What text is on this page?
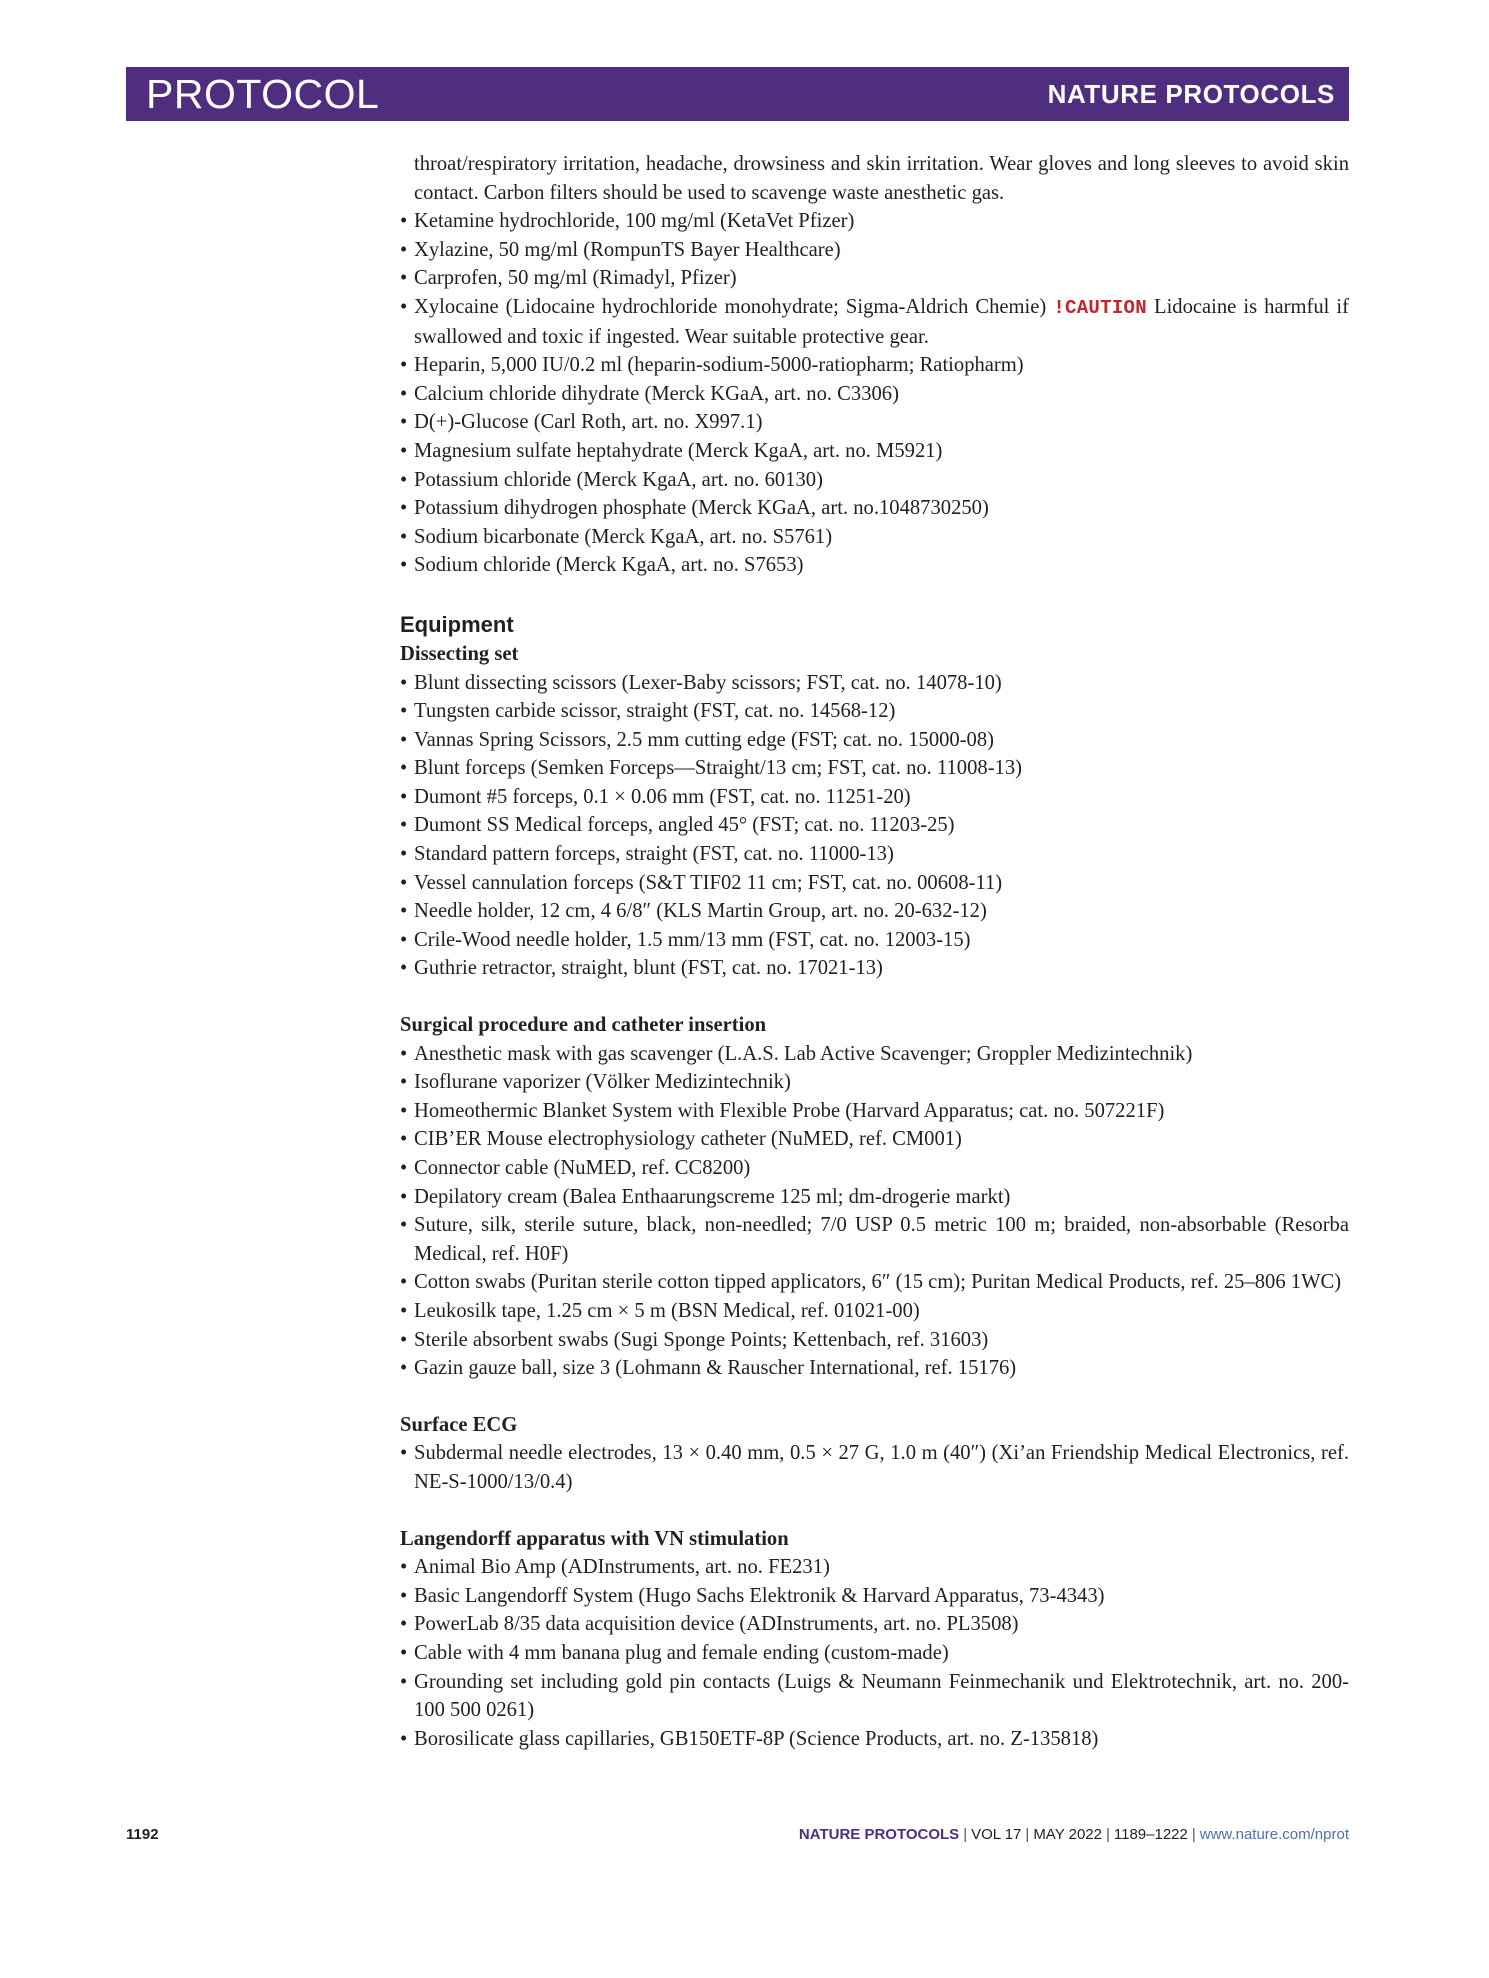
PROTOCOL	NATURE PROTOCOLS
throat/respiratory irritation, headache, drowsiness and skin irritation. Wear gloves and long sleeves to avoid skin contact. Carbon filters should be used to scavenge waste anesthetic gas.
• Ketamine hydrochloride, 100 mg/ml (KetaVet Pfizer)
• Xylazine, 50 mg/ml (RompunTS Bayer Healthcare)
• Carprofen, 50 mg/ml (Rimadyl, Pfizer)
• Xylocaine (Lidocaine hydrochloride monohydrate; Sigma-Aldrich Chemie) !CAUTION Lidocaine is harmful if swallowed and toxic if ingested. Wear suitable protective gear.
• Heparin, 5,000 IU/0.2 ml (heparin-sodium-5000-ratiopharm; Ratiopharm)
• Calcium chloride dihydrate (Merck KGaA, art. no. C3306)
• D(+)-Glucose (Carl Roth, art. no. X997.1)
• Magnesium sulfate heptahydrate (Merck KgaA, art. no. M5921)
• Potassium chloride (Merck KgaA, art. no. 60130)
• Potassium dihydrogen phosphate (Merck KGaA, art. no.1048730250)
• Sodium bicarbonate (Merck KgaA, art. no. S5761)
• Sodium chloride (Merck KgaA, art. no. S7653)
Equipment
Dissecting set
• Blunt dissecting scissors (Lexer-Baby scissors; FST, cat. no. 14078-10)
• Tungsten carbide scissor, straight (FST, cat. no. 14568-12)
• Vannas Spring Scissors, 2.5 mm cutting edge (FST; cat. no. 15000-08)
• Blunt forceps (Semken Forceps—Straight/13 cm; FST, cat. no. 11008-13)
• Dumont #5 forceps, 0.1 × 0.06 mm (FST, cat. no. 11251-20)
• Dumont SS Medical forceps, angled 45° (FST; cat. no. 11203-25)
• Standard pattern forceps, straight (FST, cat. no. 11000-13)
• Vessel cannulation forceps (S&T TIF02 11 cm; FST, cat. no. 00608-11)
• Needle holder, 12 cm, 4 6/8″ (KLS Martin Group, art. no. 20-632-12)
• Crile-Wood needle holder, 1.5 mm/13 mm (FST, cat. no. 12003-15)
• Guthrie retractor, straight, blunt (FST, cat. no. 17021-13)
Surgical procedure and catheter insertion
• Anesthetic mask with gas scavenger (L.A.S. Lab Active Scavenger; Groppler Medizintechnik)
• Isoflurane vaporizer (Völker Medizintechnik)
• Homeothermic Blanket System with Flexible Probe (Harvard Apparatus; cat. no. 507221F)
• CIB’ER Mouse electrophysiology catheter (NuMED, ref. CM001)
• Connector cable (NuMED, ref. CC8200)
• Depilatory cream (Balea Enthaarungscreme 125 ml; dm-drogerie markt)
• Suture, silk, sterile suture, black, non-needled; 7/0 USP 0.5 metric 100 m; braided, non-absorbable (Resorba Medical, ref. H0F)
• Cotton swabs (Puritan sterile cotton tipped applicators, 6″ (15 cm); Puritan Medical Products, ref. 25–806 1WC)
• Leukosilk tape, 1.25 cm × 5 m (BSN Medical, ref. 01021-00)
• Sterile absorbent swabs (Sugi Sponge Points; Kettenbach, ref. 31603)
• Gazin gauze ball, size 3 (Lohmann & Rauscher International, ref. 15176)
Surface ECG
• Subdermal needle electrodes, 13 × 0.40 mm, 0.5 × 27 G, 1.0 m (40″) (Xi’an Friendship Medical Electronics, ref. NE-S-1000/13/0.4)
Langendorff apparatus with VN stimulation
• Animal Bio Amp (ADInstruments, art. no. FE231)
• Basic Langendorff System (Hugo Sachs Elektronik & Harvard Apparatus, 73-4343)
• PowerLab 8/35 data acquisition device (ADInstruments, art. no. PL3508)
• Cable with 4 mm banana plug and female ending (custom-made)
• Grounding set including gold pin contacts (Luigs & Neumann Feinmechanik und Elektrotechnik, art. no. 200-100 500 0261)
• Borosilicate glass capillaries, GB150ETF-8P (Science Products, art. no. Z-135818)
1192	NATURE PROTOCOLS | VOL 17 | MAY 2022 | 1189–1222 | www.nature.com/nprot
